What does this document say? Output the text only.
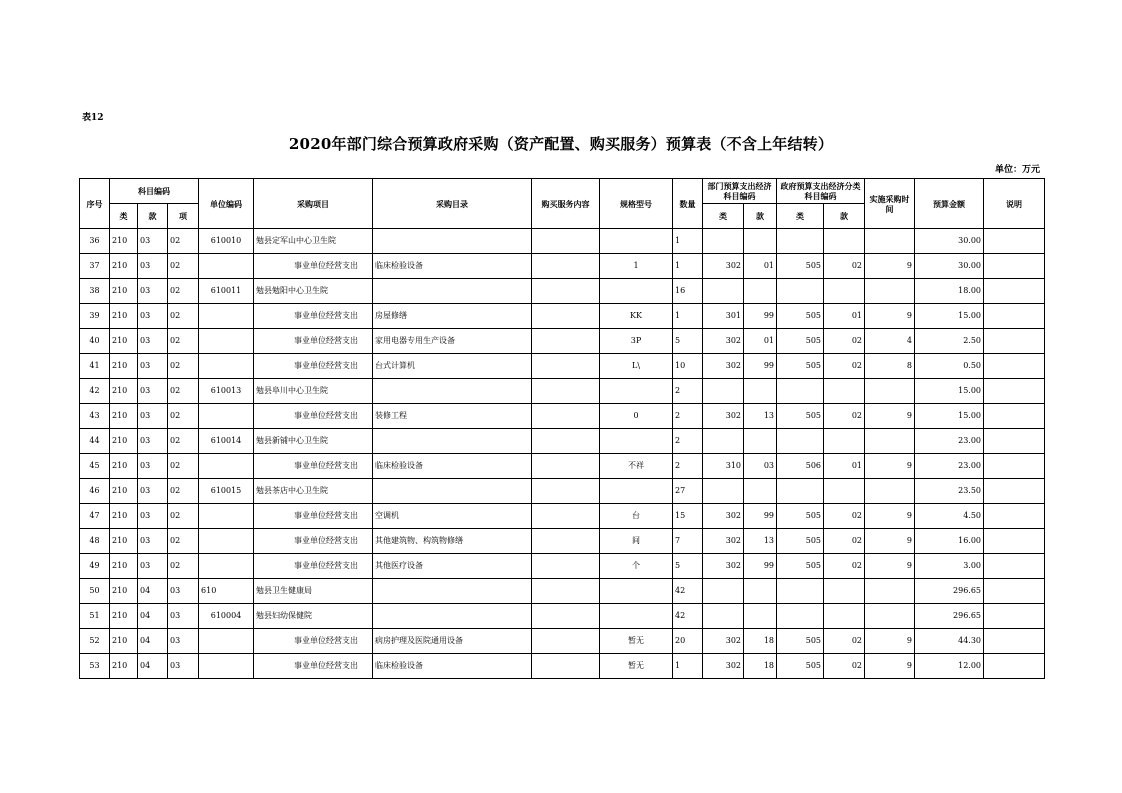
表12
2020年部门综合预算政府采购（资产配置、购买服务）预算表（不含上年结转）
单位：万元
序号	科目编码			单位编码	采购项目	采购目录	购买服务内容	规格型号	数量	部门预算支出经济科目编码		政府预算支出经济分类科目编码		实施采购时间	预算金额	说明
	类	款	项							类	款	类	款			
36	210	03	02	610010	勉县定军山中心卫生院				1						30.00	
37	210	03	02		事业单位经营支出	临床检验设备		1	1	302	01	505	02	9	30.00	
38	210	03	02	610011	勉县勉阳中心卫生院				16						18.00	
39	210	03	02		事业单位经营支出	房屋修缮		KK	1	301	99	505	01	9	15.00	
40	210	03	02		事业单位经营支出	家用电器专用生产设备		3P	5	302	01	505	02	4	2.50	
41	210	03	02		事业单位经营支出	台式计算机		L\	10	302	99	505	02	8	0.50	
42	210	03	02	610013	勉县阜川中心卫生院				2						15.00	
43	210	03	02		事业单位经营支出	装修工程		0	2	302	13	505	02	9	15.00	
44	210	03	02	610014	勉县新铺中心卫生院				2						23.00	
45	210	03	02		事业单位经营支出	临床检验设备		不祥	2	310	03	506	01	9	23.00	
46	210	03	02	610015	勉县茶店中心卫生院				27						23.50	
47	210	03	02		事业单位经营支出	空调机		台	15	302	99	505	02	9	4.50	
48	210	03	02		事业单位经营支出	其他建筑物、构筑物修缮		间	7	302	13	505	02	9	16.00	
49	210	03	02		事业单位经营支出	其他医疗设备		个	5	302	99	505	02	9	3.00	
50	210	04	03	610	勉县卫生健康局				42						296.65	
51	210	04	03	610004	勉县妇幼保健院				42						296.65	
52	210	04	03		事业单位经营支出	病房护理及医院通用设备		暂无	20	302	18	505	02	9	44.30	
53	210	04	03		事业单位经营支出	临床检验设备		暂无	1	302	18	505	02	9	12.00	
